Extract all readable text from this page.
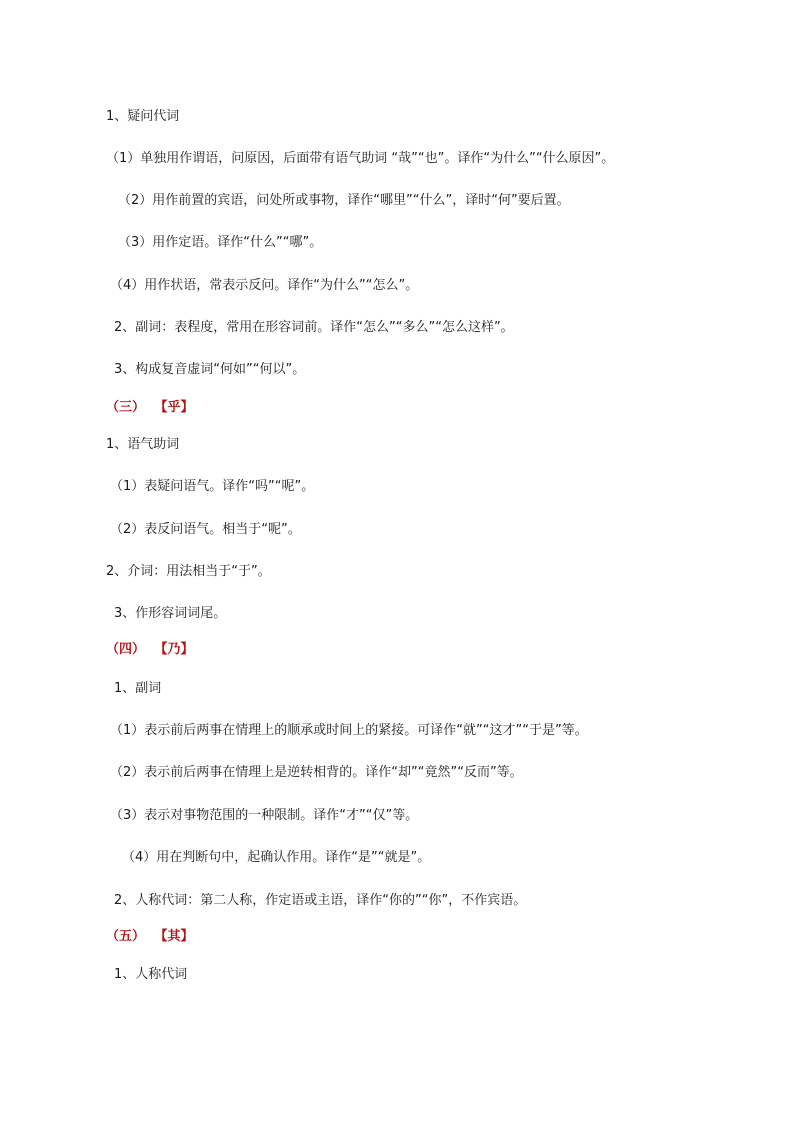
1、疑问代词
（1）单独用作谓语，问原因，后面带有语气助词 “哉”“也”。译作“为什么”“什么原因”。
（2）用作前置的宾语，问处所或事物，译作“哪里”“什么”，译时“何”要后置。
（3）用作定语。译作“什么”“哪”。
（4）用作状语，常表示反问。译作“为什么”“怎么”。
2、副词：表程度，常用在形容词前。译作“怎么”“多么”“怎么这样”。
3、构成复音虚词“何如”“何以”。
（三） 【乎】
1、语气助词
（1）表疑问语气。译作“吗”“呢”。
（2）表反问语气。相当于“呢”。
2、介词：用法相当于“于”。
3、作形容词词尾。
（四） 【乃】
1、副词
（1）表示前后两事在情理上的顺承或时间上的紧接。可译作“就”“这才”“于是”等。
（2）表示前后两事在情理上是逆转相背的。译作“却”“竟然”“反而”等。
（3）表示对事物范围的一种限制。译作“才”“仅”等。
（4）用在判断句中，起确认作用。译作“是”“就是”。
2、人称代词：第二人称，作定语或主语，译作“你的”“你”，不作宾语。
（五） 【其】
1、人称代词
